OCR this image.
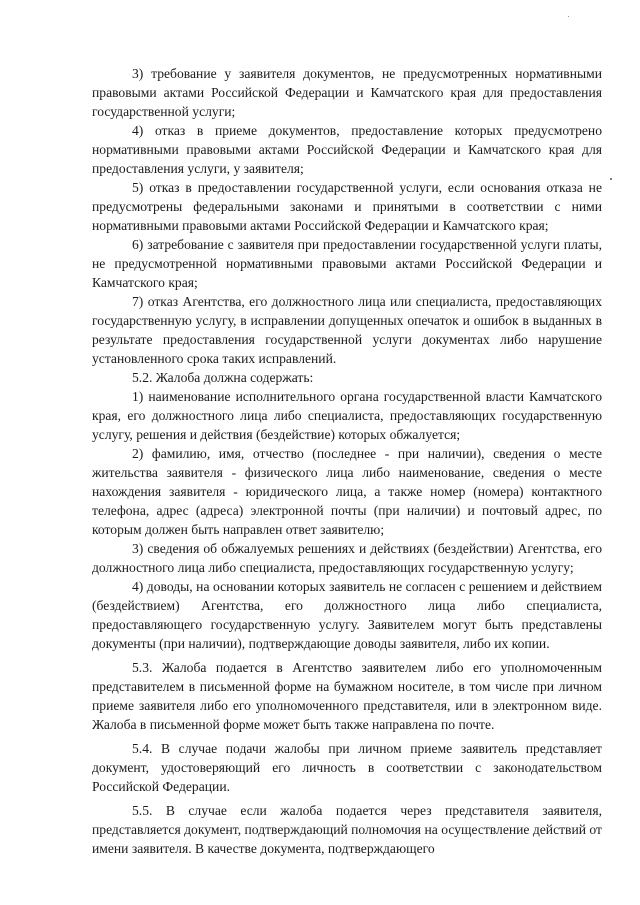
3) требование у заявителя документов, не предусмотренных нормативными правовыми актами Российской Федерации и Камчатского края для предоставления государственной услуги;

4) отказ в приеме документов, предоставление которых предусмотрено нормативными правовыми актами Российской Федерации и Камчатского края для предоставления услуги, у заявителя;

5) отказ в предоставлении государственной услуги, если основания отказа не предусмотрены федеральными законами и принятыми в соответствии с ними нормативными правовыми актами Российской Федерации и Камчатского края;

6) затребование с заявителя при предоставлении государственной услуги платы, не предусмотренной нормативными правовыми актами Российской Федерации и Камчатского края;

7) отказ Агентства, его должностного лица или специалиста, предоставляющих государственную услугу, в исправлении допущенных опечаток и ошибок в выданных в результате предоставления государственной услуги документах либо нарушение установленного срока таких исправлений.

5.2. Жалоба должна содержать:

1) наименование исполнительного органа государственной власти Камчатского края, его должностного лица либо специалиста, предоставляющих государственную услугу, решения и действия (бездействие) которых обжалуется;

2) фамилию, имя, отчество (последнее - при наличии), сведения о месте жительства заявителя - физического лица либо наименование, сведения о месте нахождения заявителя - юридического лица, а также номер (номера) контактного телефона, адрес (адреса) электронной почты (при наличии) и почтовый адрес, по которым должен быть направлен ответ заявителю;

3) сведения об обжалуемых решениях и действиях (бездействии) Агентства, его должностного лица либо специалиста, предоставляющих государственную услугу;

4) доводы, на основании которых заявитель не согласен с решением и действием (бездействием) Агентства, его должностного лица либо специалиста, предоставляющего государственную услугу. Заявителем могут быть представлены документы (при наличии), подтверждающие доводы заявителя, либо их копии.

5.3. Жалоба подается в Агентство заявителем либо его уполномоченным представителем в письменной форме на бумажном носителе, в том числе при личном приеме заявителя либо его уполномоченного представителя, или в электронном виде. Жалоба в письменной форме может быть также направлена по почте.

5.4. В случае подачи жалобы при личном приеме заявитель представляет документ, удостоверяющий его личность в соответствии с законодательством Российской Федерации.

5.5. В случае если жалоба подается через представителя заявителя, представляется документ, подтверждающий полномочия на осуществление действий от имени заявителя. В качестве документа, подтверждающего
